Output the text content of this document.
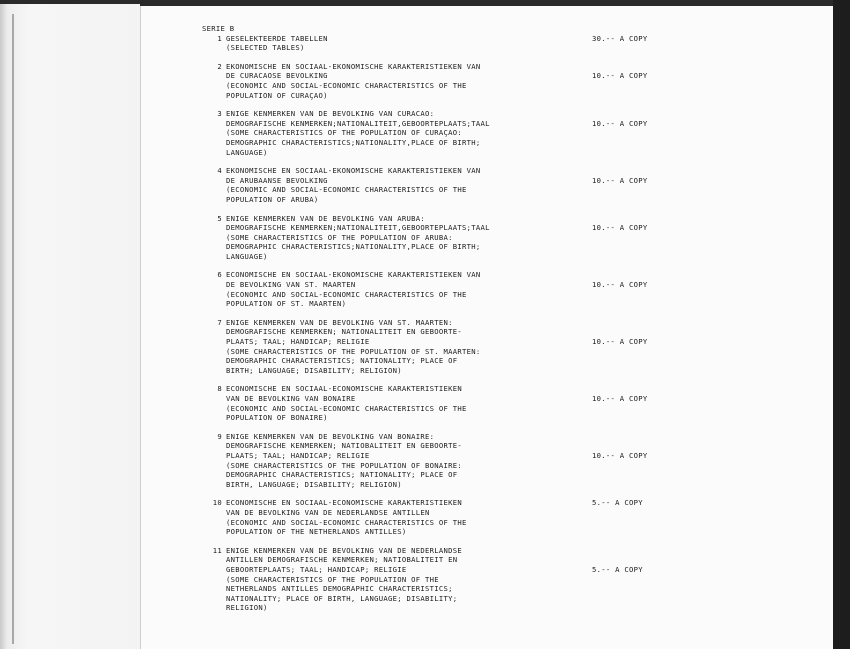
SERIE B
1 GESELEKTEERDE TABELLEN
(SELECTED TABLES)
30.-- A COPY
2 EKONOMISCHE EN SOCIAAL-EKONOMISCHE KARAKTERISTIEKEN VAN
DE CURACAOSE BEVOLKING
(ECONOMIC AND SOCIAL-ECONOMIC CHARACTERISTICS OF THE
POPULATION OF CURAÇAO)
10.-- A COPY
3 ENIGE KENMERKEN VAN DE BEVOLKING VAN CURACAO:
DEMOGRAFISCHE KENMERKEN;NATIONALITEIT,GEBOORTEPLAATS;TAAL
(SOME CHARACTERISTICS OF THE POPULATION OF CURAÇAO:
DEMOGRAPHIC CHARACTERISTICS;NATIONALITY,PLACE OF BIRTH;
LANGUAGE)
10.-- A COPY
4 EKONOMISCHE EN SOCIAAL-EKONOMISCHE KARAKTERISTIEKEN VAN
DE ARUBAANSE BEVOLKING
(ECONOMIC AND SOCIAL-ECONOMIC CHARACTERISTICS OF THE
POPULATION OF ARUBA)
10.-- A COPY
5 ENIGE KENMERKEN VAN DE BEVOLKING VAN ARUBA:
DEMOGRAFISCHE KENMERKEN;NATIONALITEIT,GEBOORTEPLAATS;TAAL
(SOME CHARACTERISTICS OF THE POPULATION OF ARUBA:
DEMOGRAPHIC CHARACTERISTICS;NATIONALITY,PLACE OF BIRTH;
LANGUAGE)
10.-- A COPY
6 ECONOMISCHE EN SOCIAAL-EKONOMISCHE KARAKTERISTIEKEN VAN
DE BEVOLKING VAN ST. MAARTEN
(ECONOMIC AND SOCIAL-ECONOMIC CHARACTERISTICS OF THE
POPULATION OF ST. MAARTEN)
10.-- A COPY
7 ENIGE KENMERKEN VAN DE BEVOLKING VAN ST. MAARTEN:
DEMOGRAFISCHE KENMERKEN; NATIONALITEIT EN GEBOORTE-
PLAATS; TAAL; HANDICAP; RELIGIE
(SOME CHARACTERISTICS OF THE POPULATION OF ST. MAARTEN:
DEMOGRAPHIC CHARACTERISTICS; NATIONALITY; PLACE OF
BIRTH; LANGUAGE; DISABILITY; RELIGION)
10.-- A COPY
8 ECONOMISCHE EN SOCIAAL-ECONOMISCHE KARAKTERISTIEKEN
VAN DE BEVOLKING VAN BONAIRE
(ECONOMIC AND SOCIAL-ECONOMIC CHARACTERISTICS OF THE
POPULATION OF BONAIRE)
10.-- A COPY
9 ENIGE KENMERKEN VAN DE BEVOLKING VAN BONAIRE:
DEMOGRAFISCHE KENMERKEN; NATIOBALITEIT EN GEBOORTE-
PLAATS; TAAL; HANDICAP; RELIGIE
(SOME CHARACTERISTICS OF THE POPULATION OF BONAIRE:
DEMOGRAPHIC CHARACTERISTICS; NATIONALITY; PLACE OF
BIRTH, LANGUAGE; DISABILITY; RELIGION)
10.-- A COPY
10 ECONOMISCHE EN SOCIAAL-ECONOMISCHE KARAKTERISTIEKEN
VAN DE BEVOLKING VAN DE NEDERLANDSE ANTILLEN
(ECONOMIC AND SOCIAL-ECONOMIC CHARACTERISTICS OF THE
POPULATION OF THE NETHERLANDS ANTILLES)
5.-- A COPY
11 ENIGE KENMERKEN VAN DE BEVOLKING VAN DE NEDERLANDSE
ANTILLEN DEMOGRAFISCHE KENMERKEN; NATIOBALITEIT EN
GEBOORTEPLAATS; TAAL; HANDICAP; RELIGIE
(SOME CHARACTERISTICS OF THE POPULATION OF THE
NETHERLANDS ANTILLES DEMOGRAPHIC CHARACTERISTICS;
NATIONALITY; PLACE OF BIRTH, LANGUAGE; DISABILITY;
RELIGION)
5.-- A COPY
